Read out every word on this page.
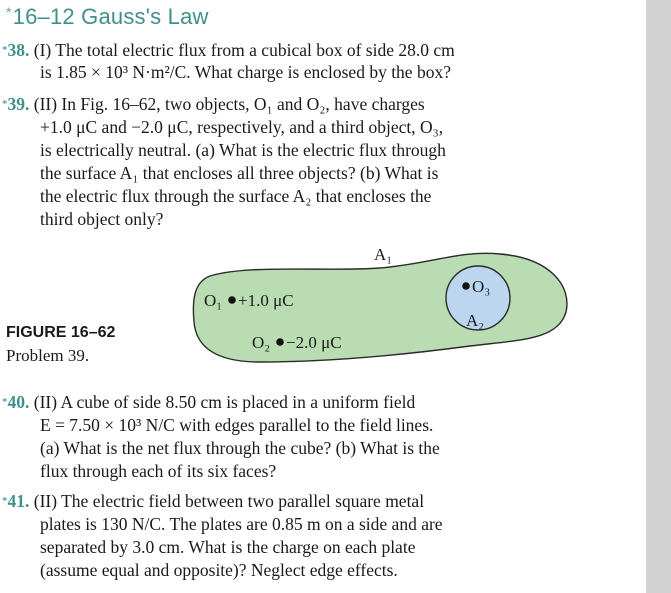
*16–12 Gauss's Law
*38. (I) The total electric flux from a cubical box of side 28.0 cm
is 1.85 × 10³ N·m²/C. What charge is enclosed by the box?
*39. (II) In Fig. 16–62, two objects, O₁ and O₂, have charges
+1.0 μC and −2.0 μC, respectively, and a third object, O₃,
is electrically neutral. (a) What is the electric flux through
the surface A₁ that encloses all three objects? (b) What is
the electric flux through the surface A₂ that encloses the
third object only?
A₁
O₁ +1.0 μC
O₂ −2.0 μC
O₃
A₂
FIGURE 16–62
Problem 39.
*40. (II) A cube of side 8.50 cm is placed in a uniform field
E = 7.50 × 10³ N/C with edges parallel to the field lines.
(a) What is the net flux through the cube? (b) What is the
flux through each of its six faces?
*41. (II) The electric field between two parallel square metal
plates is 130 N/C. The plates are 0.85 m on a side and are
separated by 3.0 cm. What is the charge on each plate
(assume equal and opposite)? Neglect edge effects.
